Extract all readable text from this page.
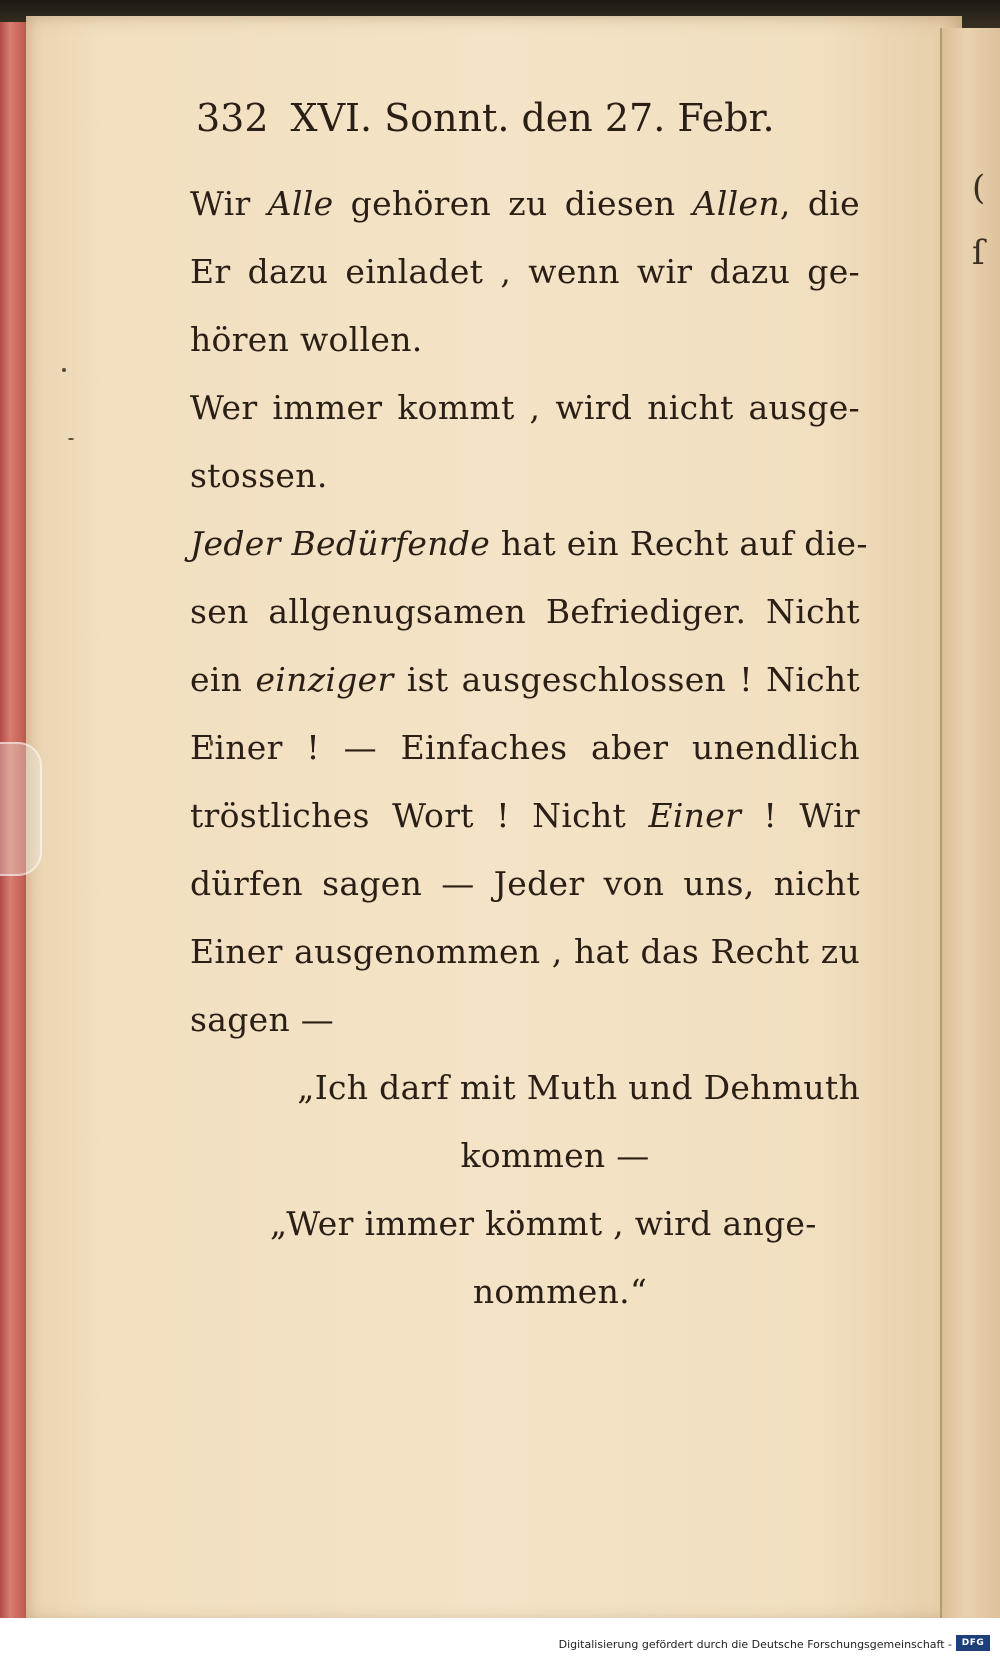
(
ſ
332 XVI. Sonnt. den 27. Febr.
Wir Alle gehören zu diesen Allen, die
Er dazu einladet , wenn wir dazu ge-
hören wollen.
Wer immer kommt , wird nicht ausge-
stossen.
Jeder Bedürfende hat ein Recht auf die-
sen allgenugsamen Befriediger. Nicht
ein einziger ist ausgeschlossen ! Nicht
Einer ! — Einfaches aber unendlich
tröstliches Wort ! Nicht Einer ! Wir
dürfen sagen — Jeder von uns, nicht
Einer ausgenommen , hat das Recht zu
sagen —
„Ich darf mit Muth und Dehmuth
kommen —
„Wer immer kömmt , wird ange-
nommen.“
Digitalisierung gefördert durch die Deutsche Forschungsgemeinschaft -	DFG
